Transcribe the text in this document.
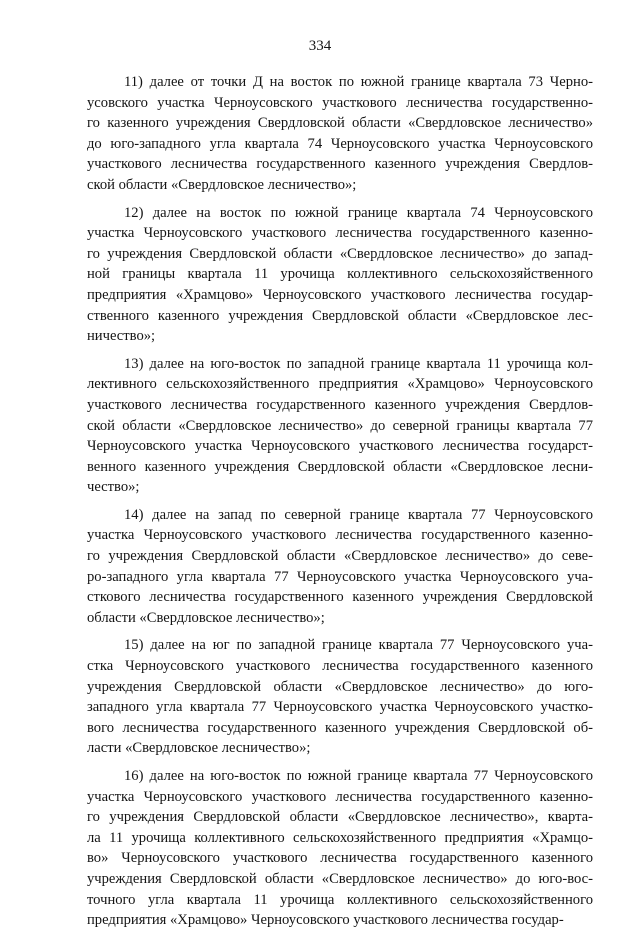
334
11) далее от точки Д на восток по южной границе квартала 73 Черно-
усовского участка Черноусовского участкового лесничества государственно-
го казенного учреждения Свердловской области «Свердловское лесничество»
до юго-западного угла квартала 74 Черноусовского участка Черноусовского
участкового лесничества государственного казенного учреждения Свердлов-
ской области «Свердловское лесничество»;
12) далее на восток по южной границе квартала 74 Черноусовского
участка Черноусовского участкового лесничества государственного казенно-
го учреждения Свердловской области «Свердловское лесничество» до запад-
ной границы квартала 11 урочища коллективного сельскохозяйственного
предприятия «Храмцово» Черноусовского участкового лесничества государ-
ственного казенного учреждения Свердловской области «Свердловское лес-
ничество»;
13) далее на юго-восток по западной границе квартала 11 урочища кол-
лективного сельскохозяйственного предприятия «Храмцово» Черноусовского
участкового лесничества государственного казенного учреждения Свердлов-
ской области «Свердловское лесничество» до северной границы квартала 77
Черноусовского участка Черноусовского участкового лесничества государст-
венного казенного учреждения Свердловской области «Свердловское лесни-
чество»;
14) далее на запад по северной границе квартала 77 Черноусовского
участка Черноусовского участкового лесничества государственного казенно-
го учреждения Свердловской области «Свердловское лесничество» до севе-
ро-западного угла квартала 77 Черноусовского участка Черноусовского уча-
сткового лесничества государственного казенного учреждения Свердловской
области «Свердловское лесничество»;
15) далее на юг по западной границе квартала 77 Черноусовского уча-
стка Черноусовского участкового лесничества государственного казенного
учреждения Свердловской области «Свердловское лесничество» до юго-
западного угла квартала 77 Черноусовского участка Черноусовского участко-
вого лесничества государственного казенного учреждения Свердловской об-
ласти «Свердловское лесничество»;
16) далее на юго-восток по южной границе квартала 77 Черноусовского
участка Черноусовского участкового лесничества государственного казенно-
го учреждения Свердловской области «Свердловское лесничество», кварта-
ла 11 урочища коллективного сельскохозяйственного предприятия «Храмцо-
во» Черноусовского участкового лесничества государственного казенного
учреждения Свердловской области «Свердловское лесничество» до юго-вос-
точного угла квартала 11 урочища коллективного сельскохозяйственного
предприятия «Храмцово» Черноусовского участкового лесничества государ-
